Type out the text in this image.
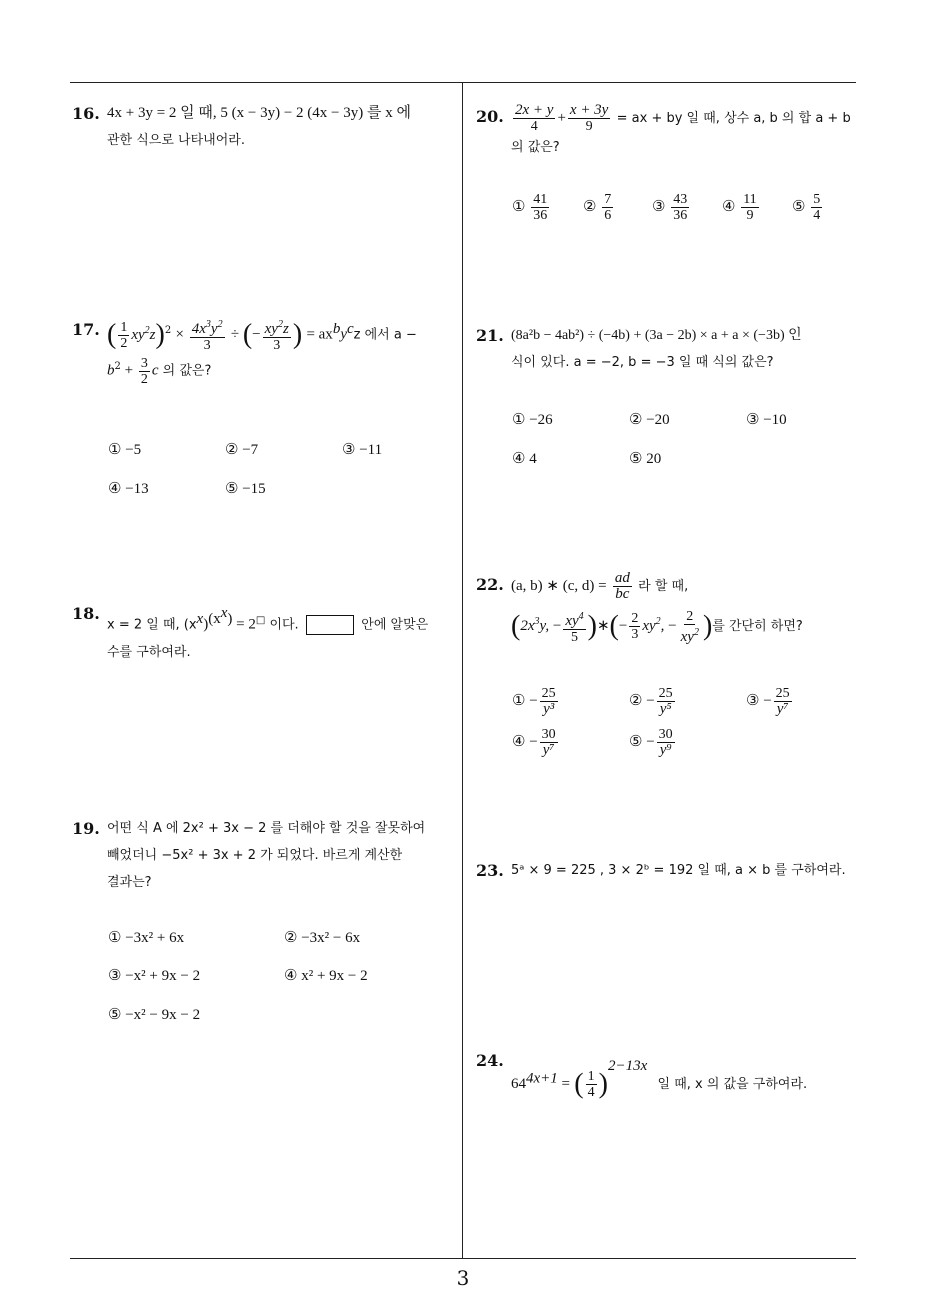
3
16. 4x + 3y = 2 일 때, 5 (x − 3y) − 2 (4x − 3y) 를 x 에
관한 식으로 나타내어라.
17. ( $\frac{1}{2} xy^2z)^2 \times \frac{4x^3y^2}{3}$ ÷ (− $\frac{xy^2z}{3}$ ) = $ax^by^cz$ 에서 a −
$b^2 + \frac{3}{2}$ c 의 값은?
① −5	② −7	③ −11
④ −13	⑤ −15
18.
x = 2 일 때, $(x^x)^{(x^x)} = 2^□$ 이다.	안에 알맞은
수를 구하여라.
19. 어떤 식 A 에 2x² + 3x − 2 를 더해야 할 것을 잘못하여
빼었더니 −5x² + 3x + 2 가 되었다. 바르게 계산한
결과는?
① −3x² + 6x	② −3x² − 6x
③ −x² + 9x − 2	④ x² + 9x − 2
⑤ −x² − 9x − 2
20. $\frac{2x + y}{4} + \frac{x + 3y}{9}$ = ax + by 일 때, 상수 a, b 의 합 a + b
의 값은?
① $\frac{41}{36}$ ② $\frac{7}{6}$	③ $\frac{43}{36}$ ④ $\frac{11}{9}$ ⑤ $\frac{5}{4}$
21. (8a²b − 4ab²) ÷ (−4b) + (3a − 2b) × a + a × (−3b) 인
식이 있다. a = −2, b = −3 일 때 식의 값은?
① −26	② −20	③ −10
④ 4	⑤ 20
22. (a, b) ∗ (c, $d) = \frac{ad}{bc}$ 라 할 때,
($2x^3y$, − $\frac{xy^4}{5}$ )∗(− $\frac{2}{3} xy^2$, − $\frac{2}{xy^2}$ )를 간단히 하면?
① − $\frac{25}{\text{y³}}$	② − $\frac{25}{\text{y⁵}}$	③ − $\frac{25}{\text{y⁷}}$
④ − $\frac{30}{\text{y⁷}}$	⑤ − $\frac{30}{\text{y⁹}}$
23. 5ᵃ × 9 = 225 , 3 × 2ᵇ = 192 일 때, a × b 를 구하여라.
24.
$64^{4x+1}$ = ( $\frac{1}{4} )^{2-13x}$ 일 때, x 의 값을 구하여라.
